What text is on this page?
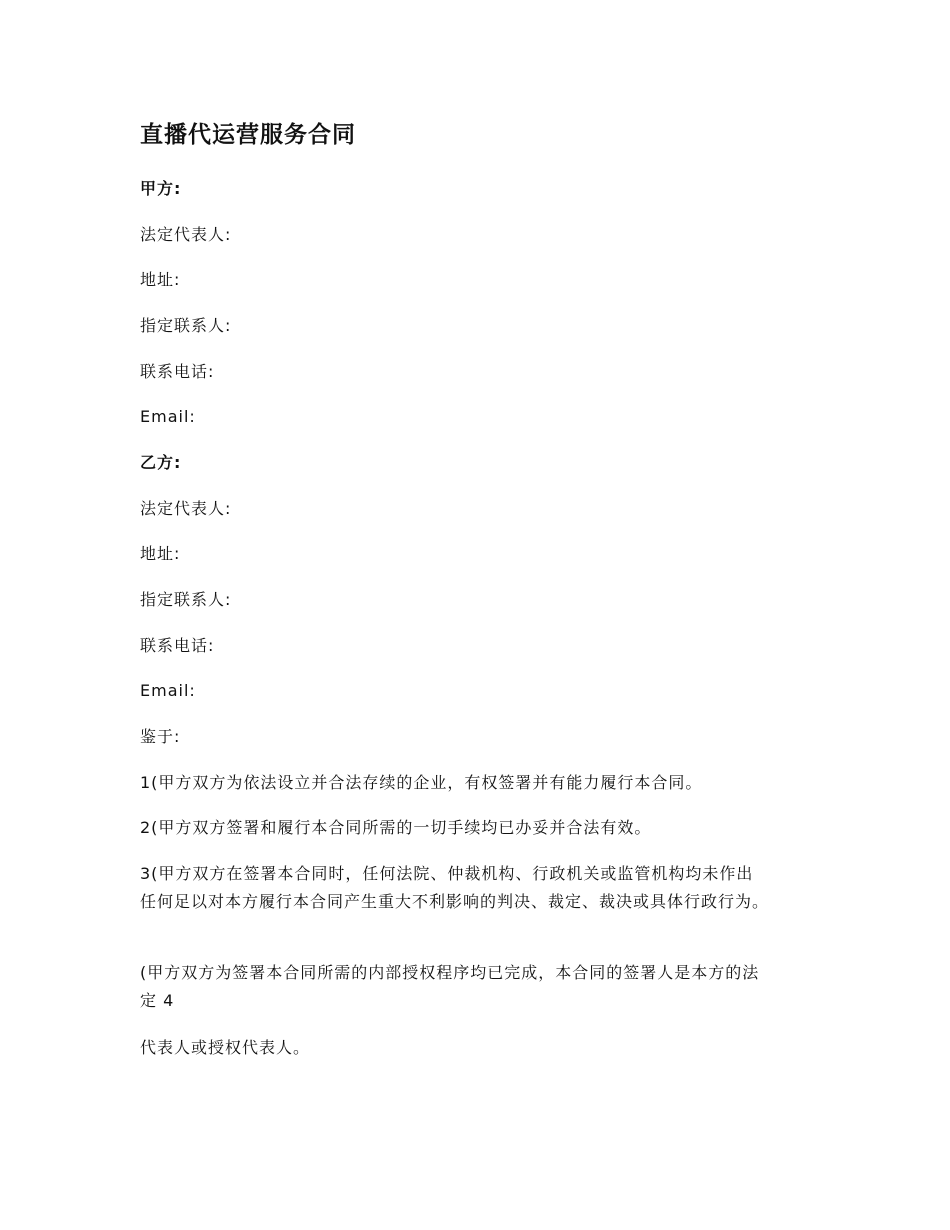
直播代运营服务合同
甲方:
法定代表人:
地址:
指定联系人:
联系电话:
Email:
乙方:
法定代表人:
地址:
指定联系人:
联系电话:
Email:
鉴于:
1(甲方双方为依法设立并合法存续的企业，有权签署并有能力履行本合同。
2(甲方双方签署和履行本合同所需的一切手续均已办妥并合法有效。
3(甲方双方在签署本合同时，任何法院、仲裁机构、行政机关或监管机构均未作出
任何足以对本方履行本合同产生重大不利影响的判决、裁定、裁决或具体行政行为。
(甲方双方为签署本合同所需的内部授权程序均已完成，本合同的签署人是本方的法
定 4
代表人或授权代表人。
